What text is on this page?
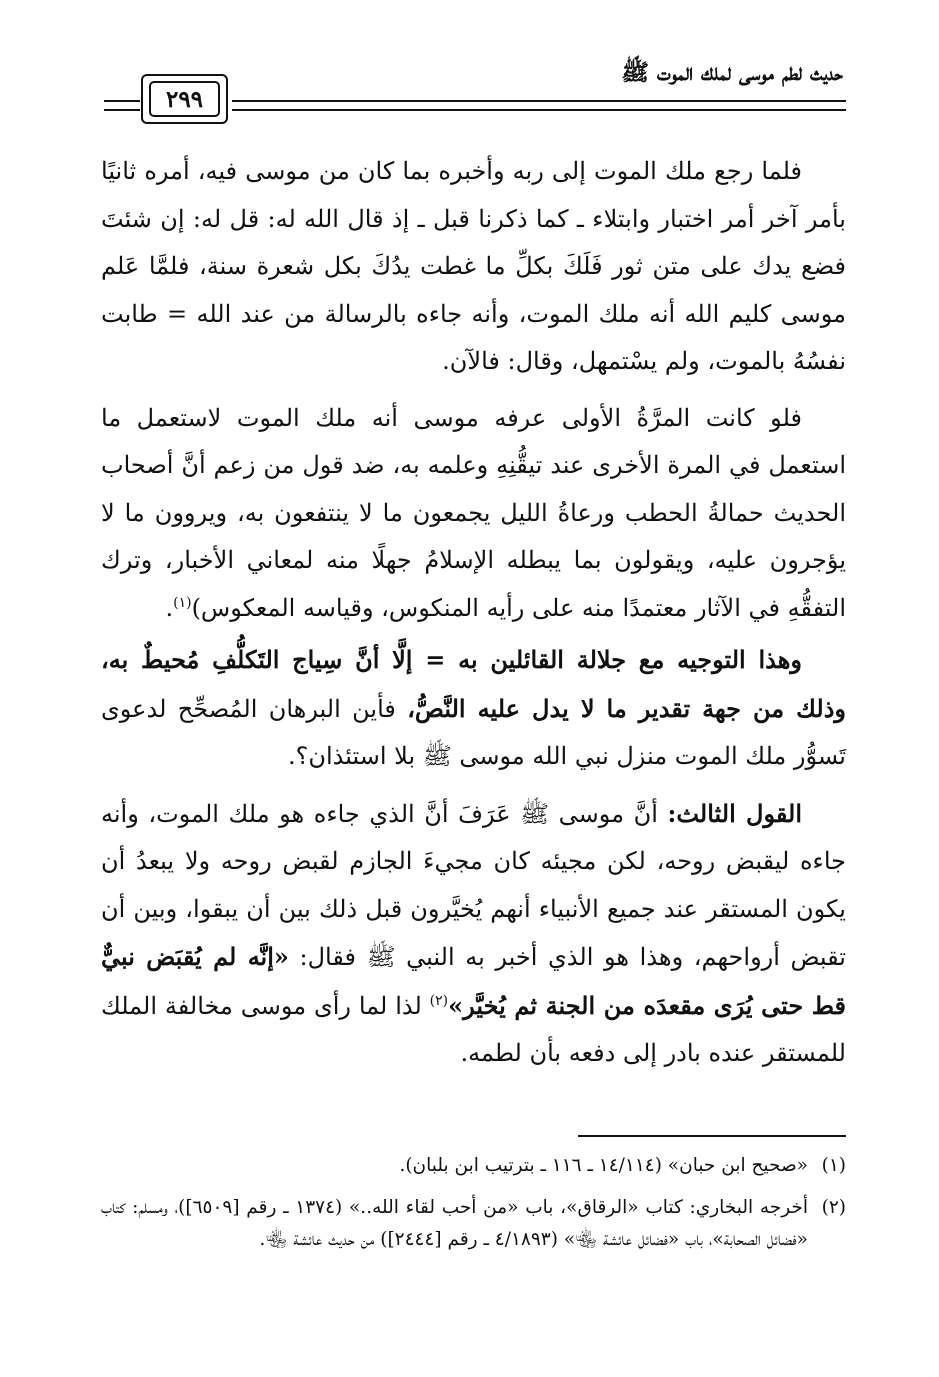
حديث لطم موسى لملك الموت ﷺ
٢٩٩

فلما رجع ملك الموت إلى ربه وأخبره بما كان من موسى فيه، أمره ثانيًا بأمر آخر أمر اختبار وابتلاء ـ كما ذكرنا قبل ـ إذ قال الله له: قل له: إن شئتَ فضع يدك على متن ثور فَلَكَ بكلِّ ما غطت يدُكَ بكل شعرة سنة، فلمَّا عَلم موسى كليم الله أنه ملك الموت، وأنه جاءه بالرسالة من عند الله = طابت نفسُهُ بالموت، ولم يسْتمهل، وقال: فالآن.

فلو كانت المرَّةُ الأولى عرفه موسى أنه ملك الموت لاستعمل ما استعمل في المرة الأخرى عند تيقُّنِهِ وعلمه به، ضد قول من زعم أنَّ أصحاب الحديث حمالةُ الحطب ورعاةُ الليل يجمعون ما لا ينتفعون به، ويروون ما لا يؤجرون عليه، ويقولون بما يبطله الإسلامُ جهلًا منه لمعاني الأخبار، وترك التفقُّهِ في الآثار معتمدًا منه على رأيه المنكوس، وقياسه المعكوس)$^{(١)}$.

وهذا التوجيه مع جلالة القائلين به = إلَّا أنَّ سِياج التَكلُّفِ مُحيطٌ به، وذلك من جهة تقدير ما لا يدل عليه النَّصُّ، فأين البرهان المُصحِّح لدعوى تَسوُّر ملك الموت منزل نبي الله موسى ﷺ بلا استئذان؟.

القول الثالث: أنَّ موسى ﷺ عَرَفَ أنَّ الذي جاءه هو ملك الموت، وأنه جاءه ليقبض روحه، لكن مجيئه كان مجيءَ الجازم لقبض روحه ولا يبعدُ أن يكون المستقر عند جميع الأنبياء أنهم يُخيَّرون قبل ذلك بين أن يبقوا، وبين أن تقبض أرواحهم، وهذا هو الذي أخبر به النبي ﷺ فقال: «إنَّه لم يُقبَض نبيٌّ قط حتى يُرَى مقعدَه من الجنة ثم يُخيَّر»$^{(٢)}$ لذا لما رأى موسى مخالفة الملك للمستقر عنده بادر إلى دفعه بأن لطمه.

(١)
«صحيح ابن حبان» (١٤/١١٤ ـ ١١٦ ـ بترتيب ابن بلبان).
(٢)
أخرجه البخاري: كتاب «الرقاق»، باب «من أحب لقاء الله..» (١٣٧٤ ـ رقم [٦٥٠٩])، ومسلم: كتاب «فضائل الصحابة»، باب «فضائل عائشة ﵄» (٤/١٨٩٣ ـ رقم [٢٤٤٤]) من حديث عائشة ﵄.
